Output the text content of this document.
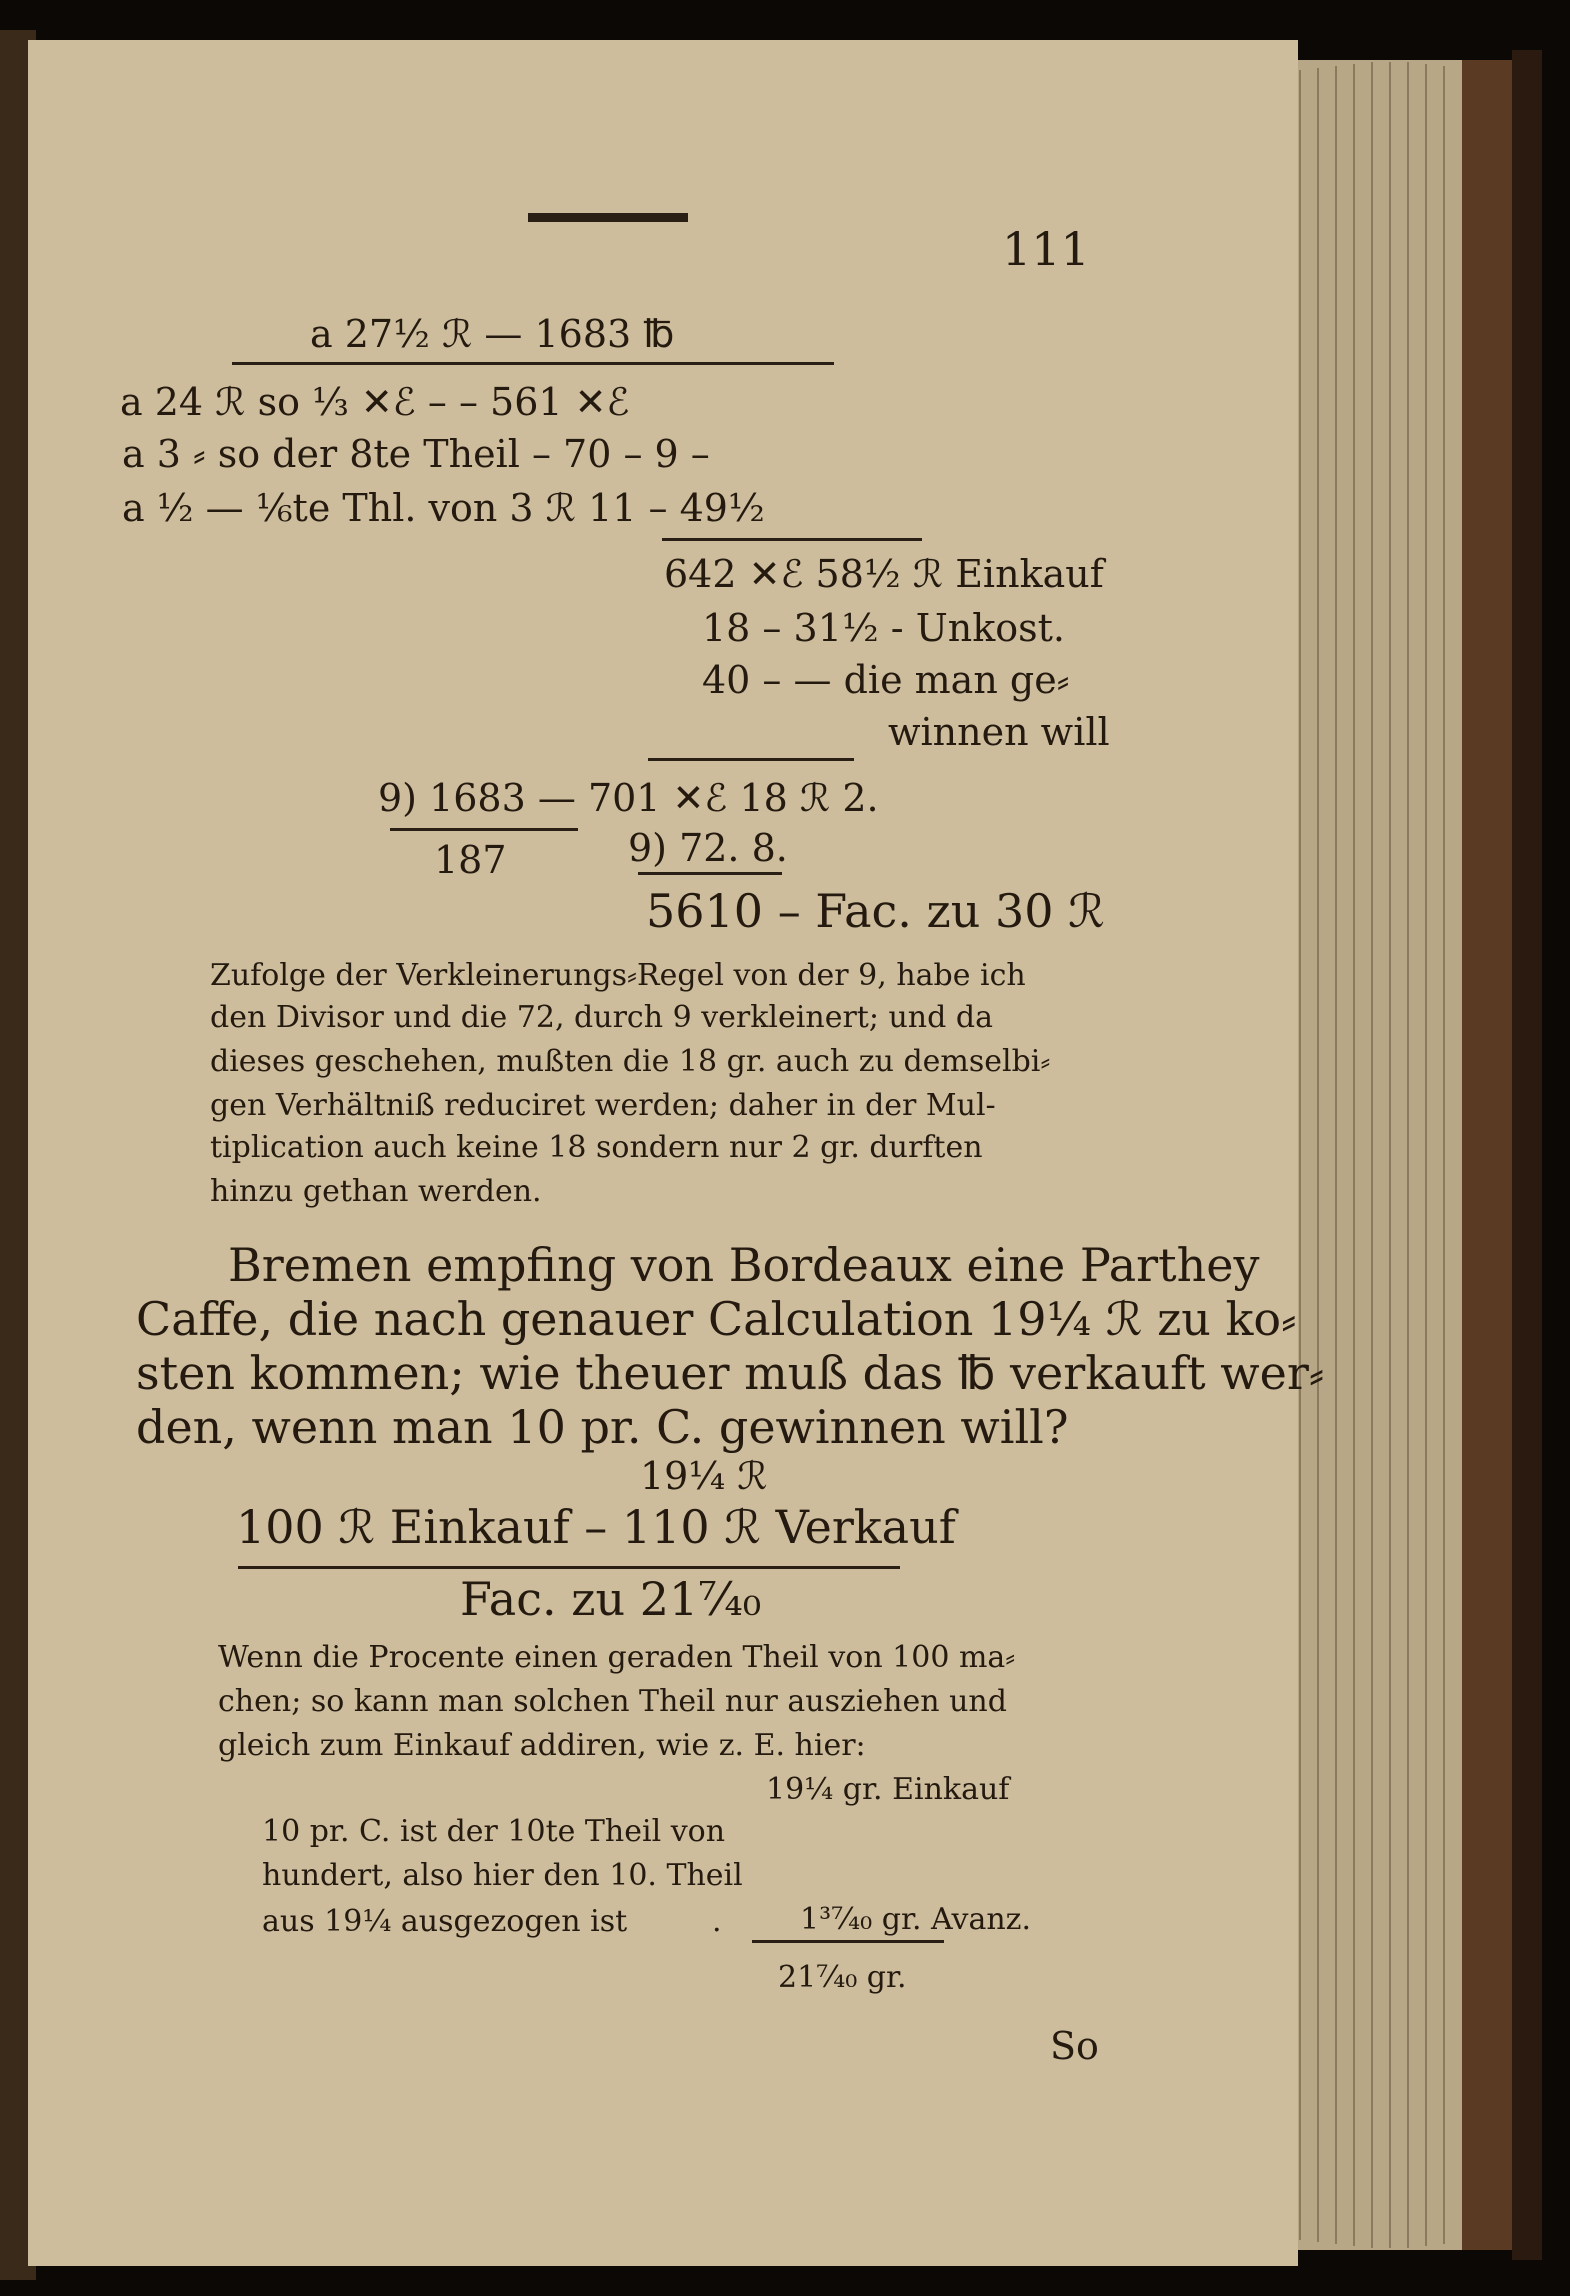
111
a 27½ ℛ — 1683 ℔
a 24 ℛ so ⅓ ✕ℰ – – 561 ✕ℰ
a 3 ⸗ so der 8te Theil – 70 – 9 –
a ½ — ⅙te Thl. von 3 ℛ 11 – 49½
642 ✕ℰ 58½ ℛ Einkauf
18 – 31½ - Unkost.
40 – — die man ge⸗
winnen will
9) 1683 — 701 ✕ℰ 18 ℛ 2.
187	9) 72. 8.
5610 – Fac. zu 30 ℛ
Zufolge der Verkleinerungs⸗Regel von der 9, habe ich
den Divisor und die 72, durch 9 verkleinert; und da
dieses geschehen, mußten die 18 gr. auch zu demselbi⸗
gen Verhältniß reduciret werden; daher in der Mul-
tiplication auch keine 18 sondern nur 2 gr. durften
hinzu gethan werden.
Bremen empfing von Bordeaux eine Parthey
Caffe, die nach genauer Calculation 19¼ ℛ zu ko⸗
sten kommen; wie theuer muß das ℔ verkauft wer⸗
den, wenn man 10 pr. C. gewinnen will?
19¼ ℛ
100 ℛ Einkauf – 110 ℛ Verkauf
Fac. zu 21⁷⁄₄₀
Wenn die Procente einen geraden Theil von 100 ma⸗
chen; so kann man solchen Theil nur ausziehen und
gleich zum Einkauf addiren, wie z. E. hier:
19¼ gr. Einkauf
10 pr. C. ist der 10te Theil von
hundert, also hier den 10. Theil
aus 19¼ ausgezogen ist	.	1³⁷⁄₄₀ gr. Avanz.
21⁷⁄₄₀ gr.
So
